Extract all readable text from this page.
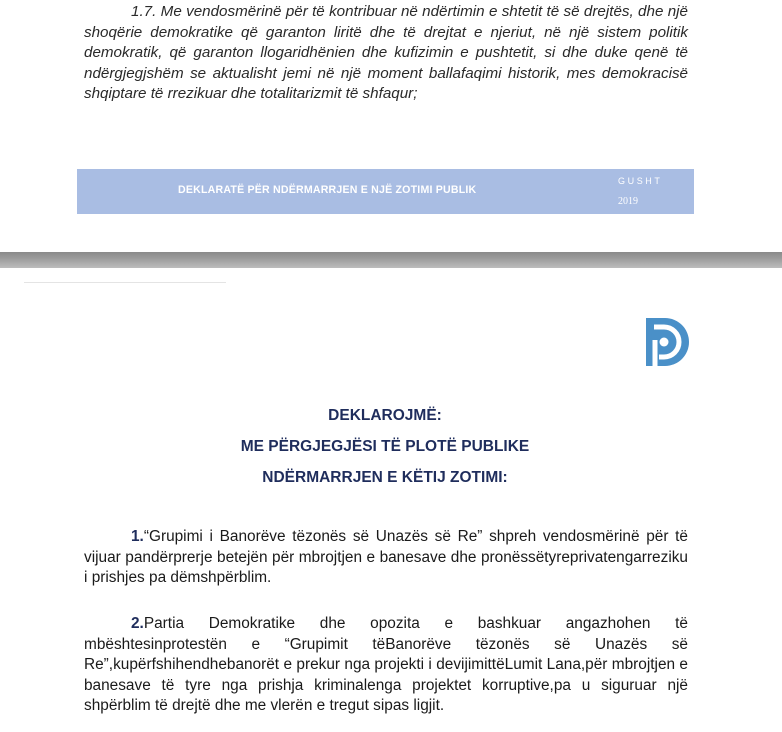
1.7. Me vendosmërinë për të kontribuar në ndërtimin e shtetit të së drejtës, dhe një shoqërie demokratike që garanton liritë dhe të drejtat e njeriut, në një sistem politik demokratik, që garanton llogaridhënien dhe kufizimin e pushtetit, si dhe duke qenë të ndërgjegjshëm se aktualisht jemi në një moment ballafaqimi historik, mes demokracisë shqiptare të rrezikuar dhe totalitarizmit të shfaqur;

DEKLARATË PËR NDËRMARRJEN E NJË ZOTIMI PUBLIK
GUSHT
2019
DEKLAROJMË:
ME PËRGJEGJËSI TË PLOTË PUBLIKE
NDËRMARRJEN E KËTIJ ZOTIMI:

1.“Grupimi i Banorëve tëzonës së Unazës së Re” shpreh vendosmërinë për të vijuar pandërprerje betejën për mbrojtjen e banesave dhe pronëssëtyreprivatengarreziku i prishjes pa dëmshpërblim.

2.Partia Demokratike dhe opozita e bashkuar angazhohen të mbështesinprotestën e “Grupimit tëBanorëve tëzonës së Unazës së Re”,kupërfshihendhebanorët e prekur nga projekti i devijimittëLumit Lana,për mbrojtjen e banesave të tyre nga prishja kriminalenga projektet korruptive,pa u siguruar një shpërblim të drejtë dhe me vlerën e tregut sipas ligjit.
